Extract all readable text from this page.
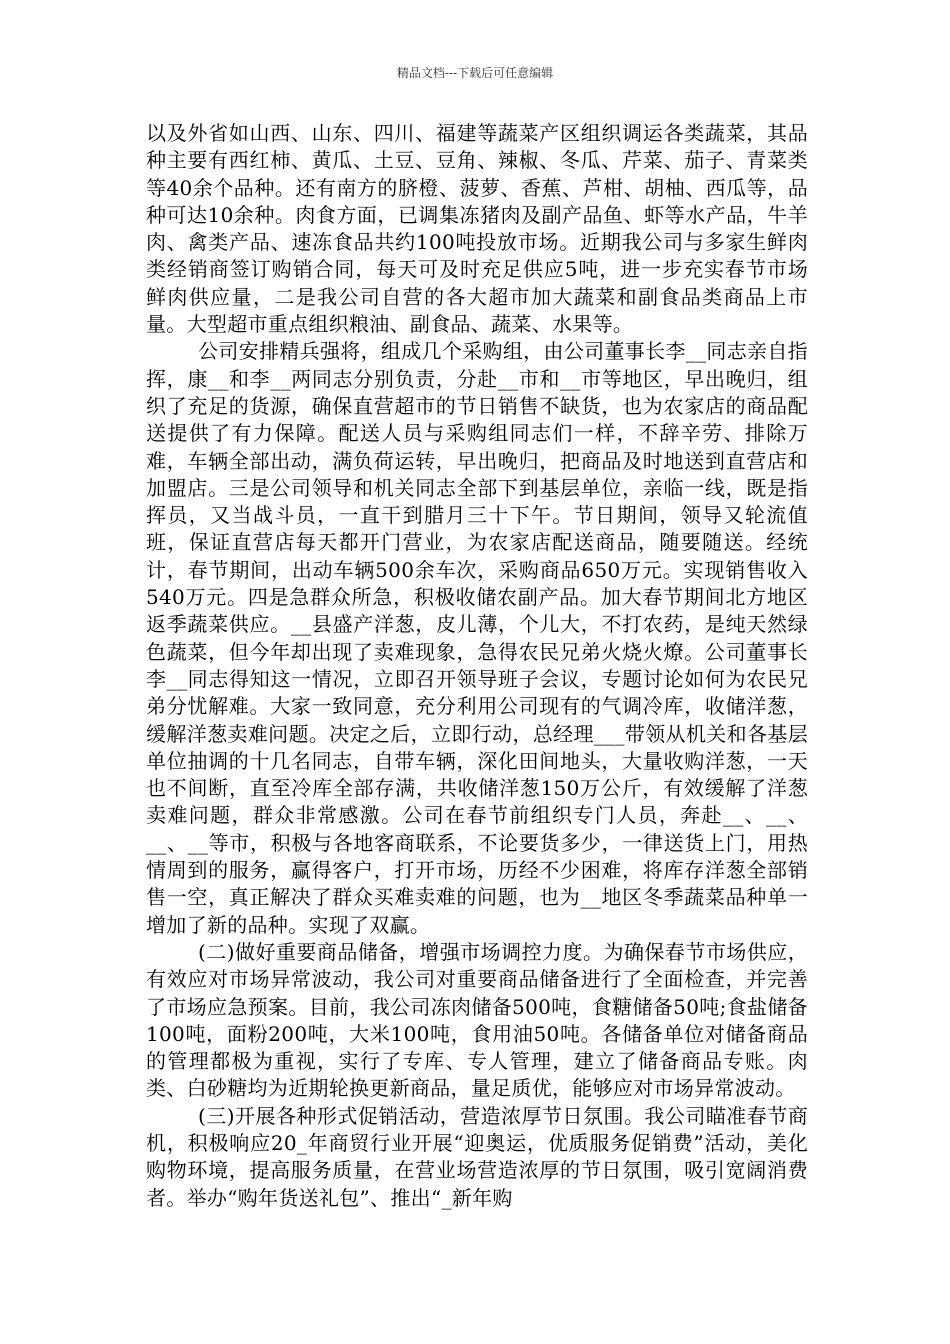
精品文档---下载后可任意编辑

以及外省如山西、山东、四川、福建等蔬菜产区组织调运各类蔬菜，其品种主要有西红柿、黄瓜、土豆、豆角、辣椒、冬瓜、芹菜、茄子、青菜类等40余个品种。还有南方的脐橙、菠萝、香蕉、芦柑、胡柚、西瓜等，品种可达10余种。肉食方面，已调集冻猪肉及副产品鱼、虾等水产品，牛羊肉、禽类产品、速冻食品共约100吨投放市场。近期我公司与多家生鲜肉类经销商签订购销合同，每天可及时充足供应5吨，进一步充实春节市场鲜肉供应量，二是我公司自营的各大超市加大蔬菜和副食品类商品上市量。大型超市重点组织粮油、副食品、蔬菜、水果等。

公司安排精兵强将，组成几个采购组，由公司董事长李__同志亲自指挥，康__和李__两同志分别负责，分赴__市和__市等地区，早出晚归，组织了充足的货源，确保直营超市的节日销售不缺货，也为农家店的商品配送提供了有力保障。配送人员与采购组同志们一样，不辞辛劳、排除万难，车辆全部出动，满负荷运转，早出晚归，把商品及时地送到直营店和加盟店。三是公司领导和机关同志全部下到基层单位，亲临一线，既是指挥员，又当战斗员，一直干到腊月三十下午。节日期间，领导又轮流值班，保证直营店每天都开门营业，为农家店配送商品，随要随送。经统计，春节期间，出动车辆500余车次，采购商品650万元。实现销售收入540万元。四是急群众所急，积极收储农副产品。加大春节期间北方地区返季蔬菜供应。__县盛产洋葱，皮儿薄，个儿大，不打农药，是纯天然绿色蔬菜，但今年却出现了卖难现象，急得农民兄弟火烧火燎。公司董事长李__同志得知这一情况，立即召开领导班子会议，专题讨论如何为农民兄弟分忧解难。大家一致同意，充分利用公司现有的气调冷库，收储洋葱，缓解洋葱卖难问题。决定之后，立即行动，总经理___带领从机关和各基层单位抽调的十几名同志，自带车辆，深化田间地头，大量收购洋葱，一天也不间断，直至冷库全部存满，共收储洋葱150万公斤，有效缓解了洋葱卖难问题，群众非常感激。公司在春节前组织专门人员，奔赴__、__、__、__等市，积极与各地客商联系，不论要货多少，一律送货上门，用热情周到的服务，赢得客户，打开市场，历经不少困难，将库存洋葱全部销售一空，真正解决了群众买难卖难的问题，也为__地区冬季蔬菜品种单一增加了新的品种。实现了双赢。

(二)做好重要商品储备，增强市场调控力度。为确保春节市场供应，有效应对市场异常波动，我公司对重要商品储备进行了全面检查，并完善了市场应急预案。目前，我公司冻肉储备500吨，食糖储备50吨;食盐储备100吨，面粉200吨，大米100吨，食用油50吨。各储备单位对储备商品的管理都极为重视，实行了专库、专人管理，建立了储备商品专账。肉类、白砂糖均为近期轮换更新商品，量足质优，能够应对市场异常波动。

(三)开展各种形式促销活动，营造浓厚节日氛围。我公司瞄准春节商机，积极响应20_年商贸行业开展“迎奥运，优质服务促销费”活动，美化购物环境，提高服务质量，在营业场营造浓厚的节日氛围，吸引宽阔消费者。举办“购年货送礼包”、推出“_新年购
